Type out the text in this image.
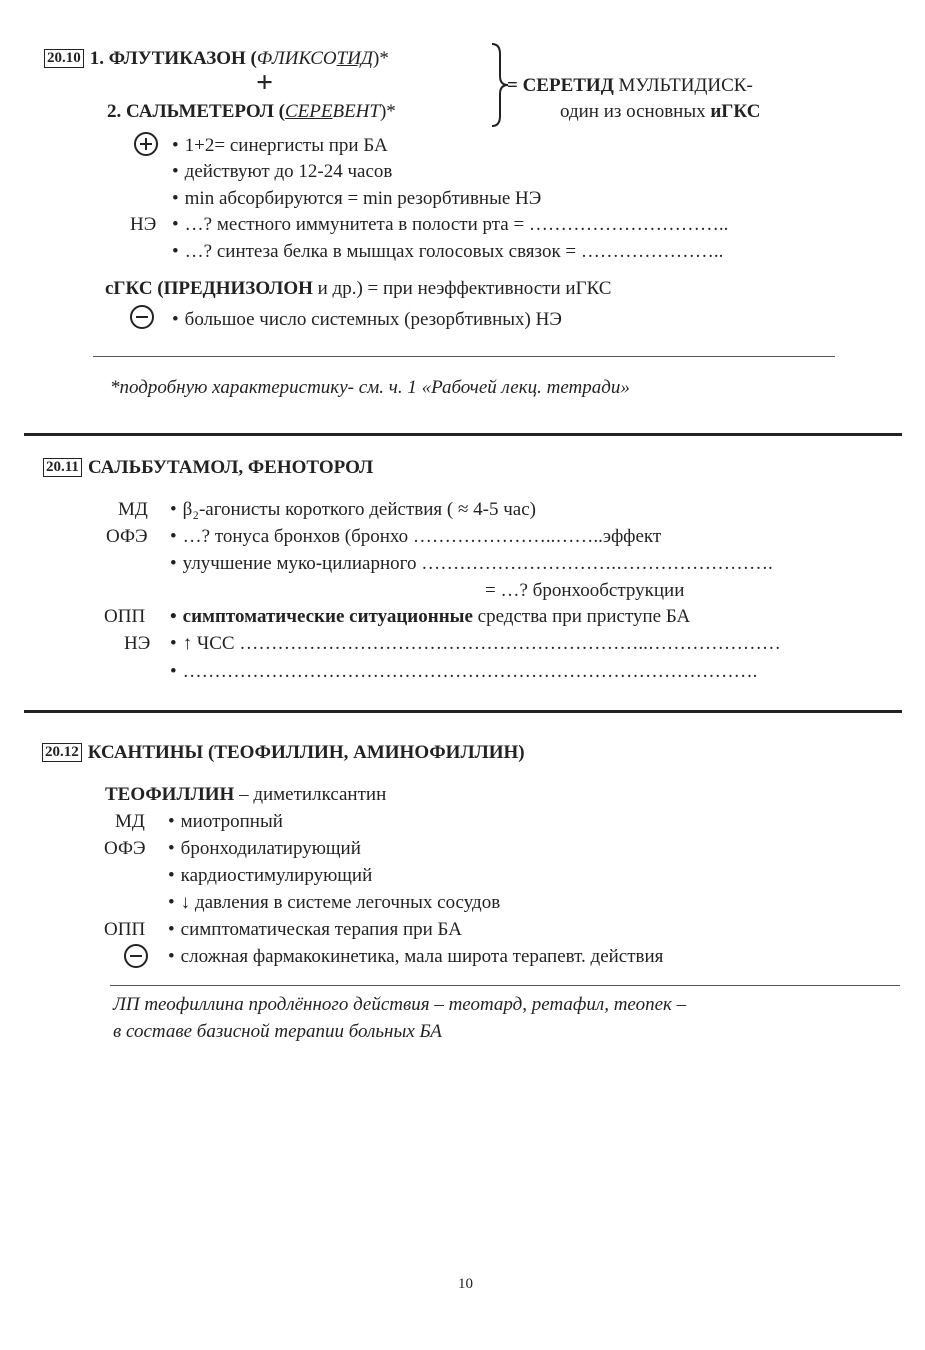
20.10 1. ФЛУТИКАЗОН (ФЛИКСОТИД)*
+
2. САЛЬМЕТЕРОЛ (СЕРЕВЕНТ)*
= СЕРЕТИД МУЛЬТИДИСК-
один из основных иГКС
• 1+2= синергисты при БА
• действуют до 12-24 часов
• min абсорбируются = min резорбтивные НЭ
НЭ • …? местного иммунитета в полости рта = …………………………..
• …? синтеза белка в мышцах голосовых связок = …………………..
сГКС (ПРЕДНИЗОЛОН и др.) = при неэффективности иГКС
• большое число системных (резорбтивных) НЭ
*подробную характеристику- см. ч. 1 «Рабочей лекц. тетради»
20.11 САЛЬБУТАМОЛ, ФЕНОТОРОЛ
МД • β₂-агонисты короткого действия ( ≈ 4-5 час)
ОФЭ • …? тонуса бронхов (бронхо …………………..……..эффект
• улучшение муко-цилиарного ………………………….…………………….
= …? бронхообструкции
ОПП • симптоматические ситуационные средства при приступе БА
НЭ • ↑ ЧСС ………………………………………………………..…………………
• ……………………………………………………………………………….
20.12 КСАНТИНЫ (ТЕОФИЛЛИН, АМИНОФИЛЛИН)
ТЕОФИЛЛИН – диметилксантин
МД • миотропный
ОФЭ • бронходилатирующий
• кардиостимулирующий
• ↓ давления в системе легочных сосудов
ОПП • симптоматическая терапия при БА
• сложная фармакокинетика, мала широта терапевт. действия
ЛП теофиллина продлённого действия – теотард, ретафил, теопек –
в составе базисной терапии больных БА
10
